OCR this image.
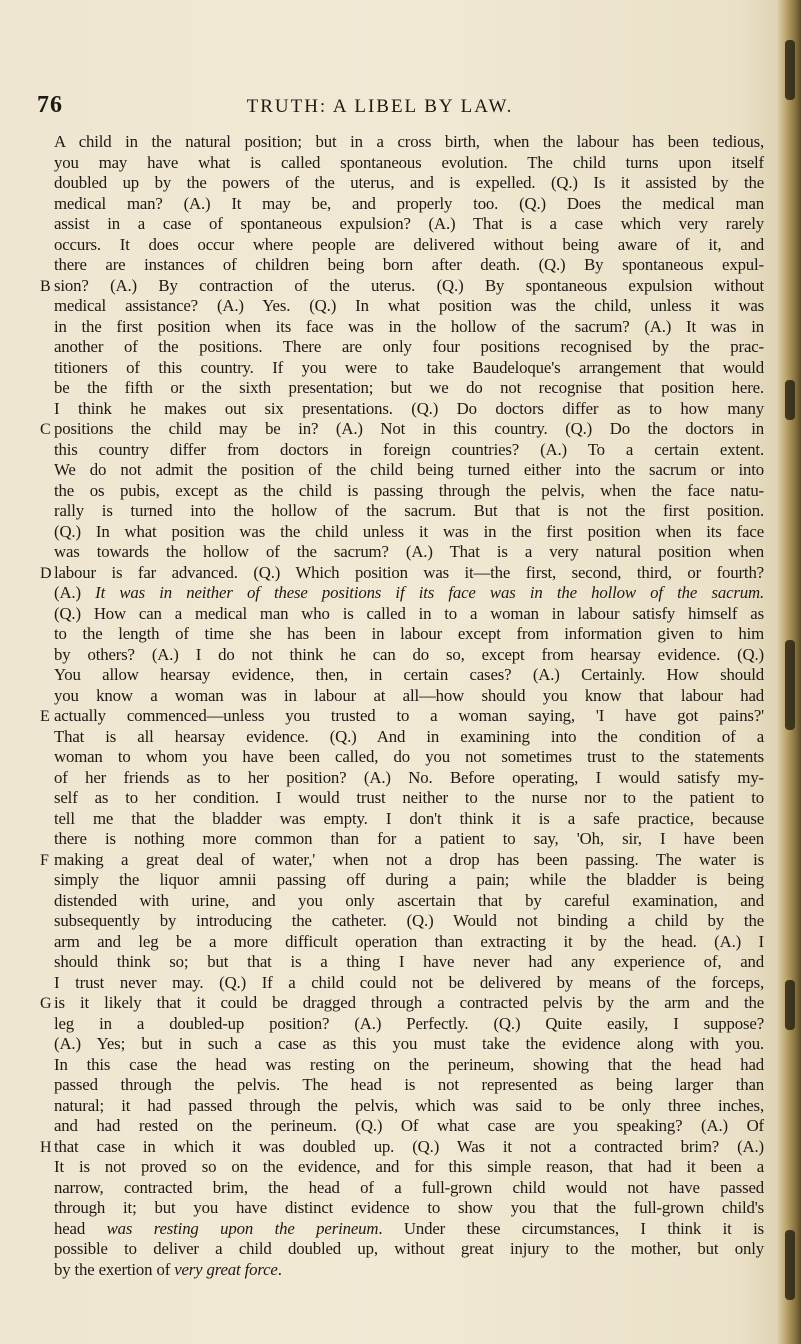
76	TRUTH: A LIBEL BY LAW.
A child in the natural position; but in a cross birth, when the labour has been tedious,
you may have what is called spontaneous evolution. The child turns upon itself
doubled up by the powers of the uterus, and is expelled. (Q.) Is it assisted by the
medical man? (A.) It may be, and properly too. (Q.) Does the medical man
assist in a case of spontaneous expulsion? (A.) That is a case which very rarely
occurs. It does occur where people are delivered without being aware of it, and
there are instances of children being born after death. (Q.) By spontaneous expul-
B sion? (A.) By contraction of the uterus. (Q.) By spontaneous expulsion without
medical assistance? (A.) Yes. (Q.) In what position was the child, unless it was
in the first position when its face was in the hollow of the sacrum? (A.) It was in
another of the positions. There are only four positions recognised by the prac-
titioners of this country. If you were to take Baudeloque's arrangement that would
be the fifth or the sixth presentation; but we do not recognise that position here.
I think he makes out six presentations. (Q.) Do doctors differ as to how many
C positions the child may be in? (A.) Not in this country. (Q.) Do the doctors in
this country differ from doctors in foreign countries? (A.) To a certain extent.
We do not admit the position of the child being turned either into the sacrum or into
the os pubis, except as the child is passing through the pelvis, when the face natu-
rally is turned into the hollow of the sacrum. But that is not the first position.
(Q.) In what position was the child unless it was in the first position when its face
was towards the hollow of the sacrum? (A.) That is a very natural position when
D labour is far advanced. (Q.) Which position was it—the first, second, third, or fourth?
(A.) It was in neither of these positions if its face was in the hollow of the sacrum.
(Q.) How can a medical man who is called in to a woman in labour satisfy himself as
to the length of time she has been in labour except from information given to him
by others? (A.) I do not think he can do so, except from hearsay evidence. (Q.)
You allow hearsay evidence, then, in certain cases? (A.) Certainly. How should
you know a woman was in labour at all—how should you know that labour had
E actually commenced—unless you trusted to a woman saying, 'I have got pains?'
That is all hearsay evidence. (Q.) And in examining into the condition of a
woman to whom you have been called, do you not sometimes trust to the statements
of her friends as to her position? (A.) No. Before operating, I would satisfy my-
self as to her condition. I would trust neither to the nurse nor to the patient to
tell me that the bladder was empty. I don't think it is a safe practice, because
there is nothing more common than for a patient to say, 'Oh, sir, I have been
F making a great deal of water,' when not a drop has been passing. The water is
simply the liquor amnii passing off during a pain; while the bladder is being
distended with urine, and you only ascertain that by careful examination, and
subsequently by introducing the catheter. (Q.) Would not binding a child by the
arm and leg be a more difficult operation than extracting it by the head. (A.) I
should think so; but that is a thing I have never had any experience of, and
I trust never may. (Q.) If a child could not be delivered by means of the forceps,
G is it likely that it could be dragged through a contracted pelvis by the arm and the
leg in a doubled-up position? (A.) Perfectly. (Q.) Quite easily, I suppose?
(A.) Yes; but in such a case as this you must take the evidence along with you.
In this case the head was resting on the perineum, showing that the head had
passed through the pelvis. The head is not represented as being larger than
natural; it had passed through the pelvis, which was said to be only three inches,
and had rested on the perineum. (Q.) Of what case are you speaking? (A.) Of
H that case in which it was doubled up. (Q.) Was it not a contracted brim? (A.)
It is not proved so on the evidence, and for this simple reason, that had it been a
narrow, contracted brim, the head of a full-grown child would not have passed
through it; but you have distinct evidence to show you that the full-grown child's
head was resting upon the perineum. Under these circumstances, I think it is
possible to deliver a child doubled up, without great injury to the mother, but only
by the exertion of very great force.
